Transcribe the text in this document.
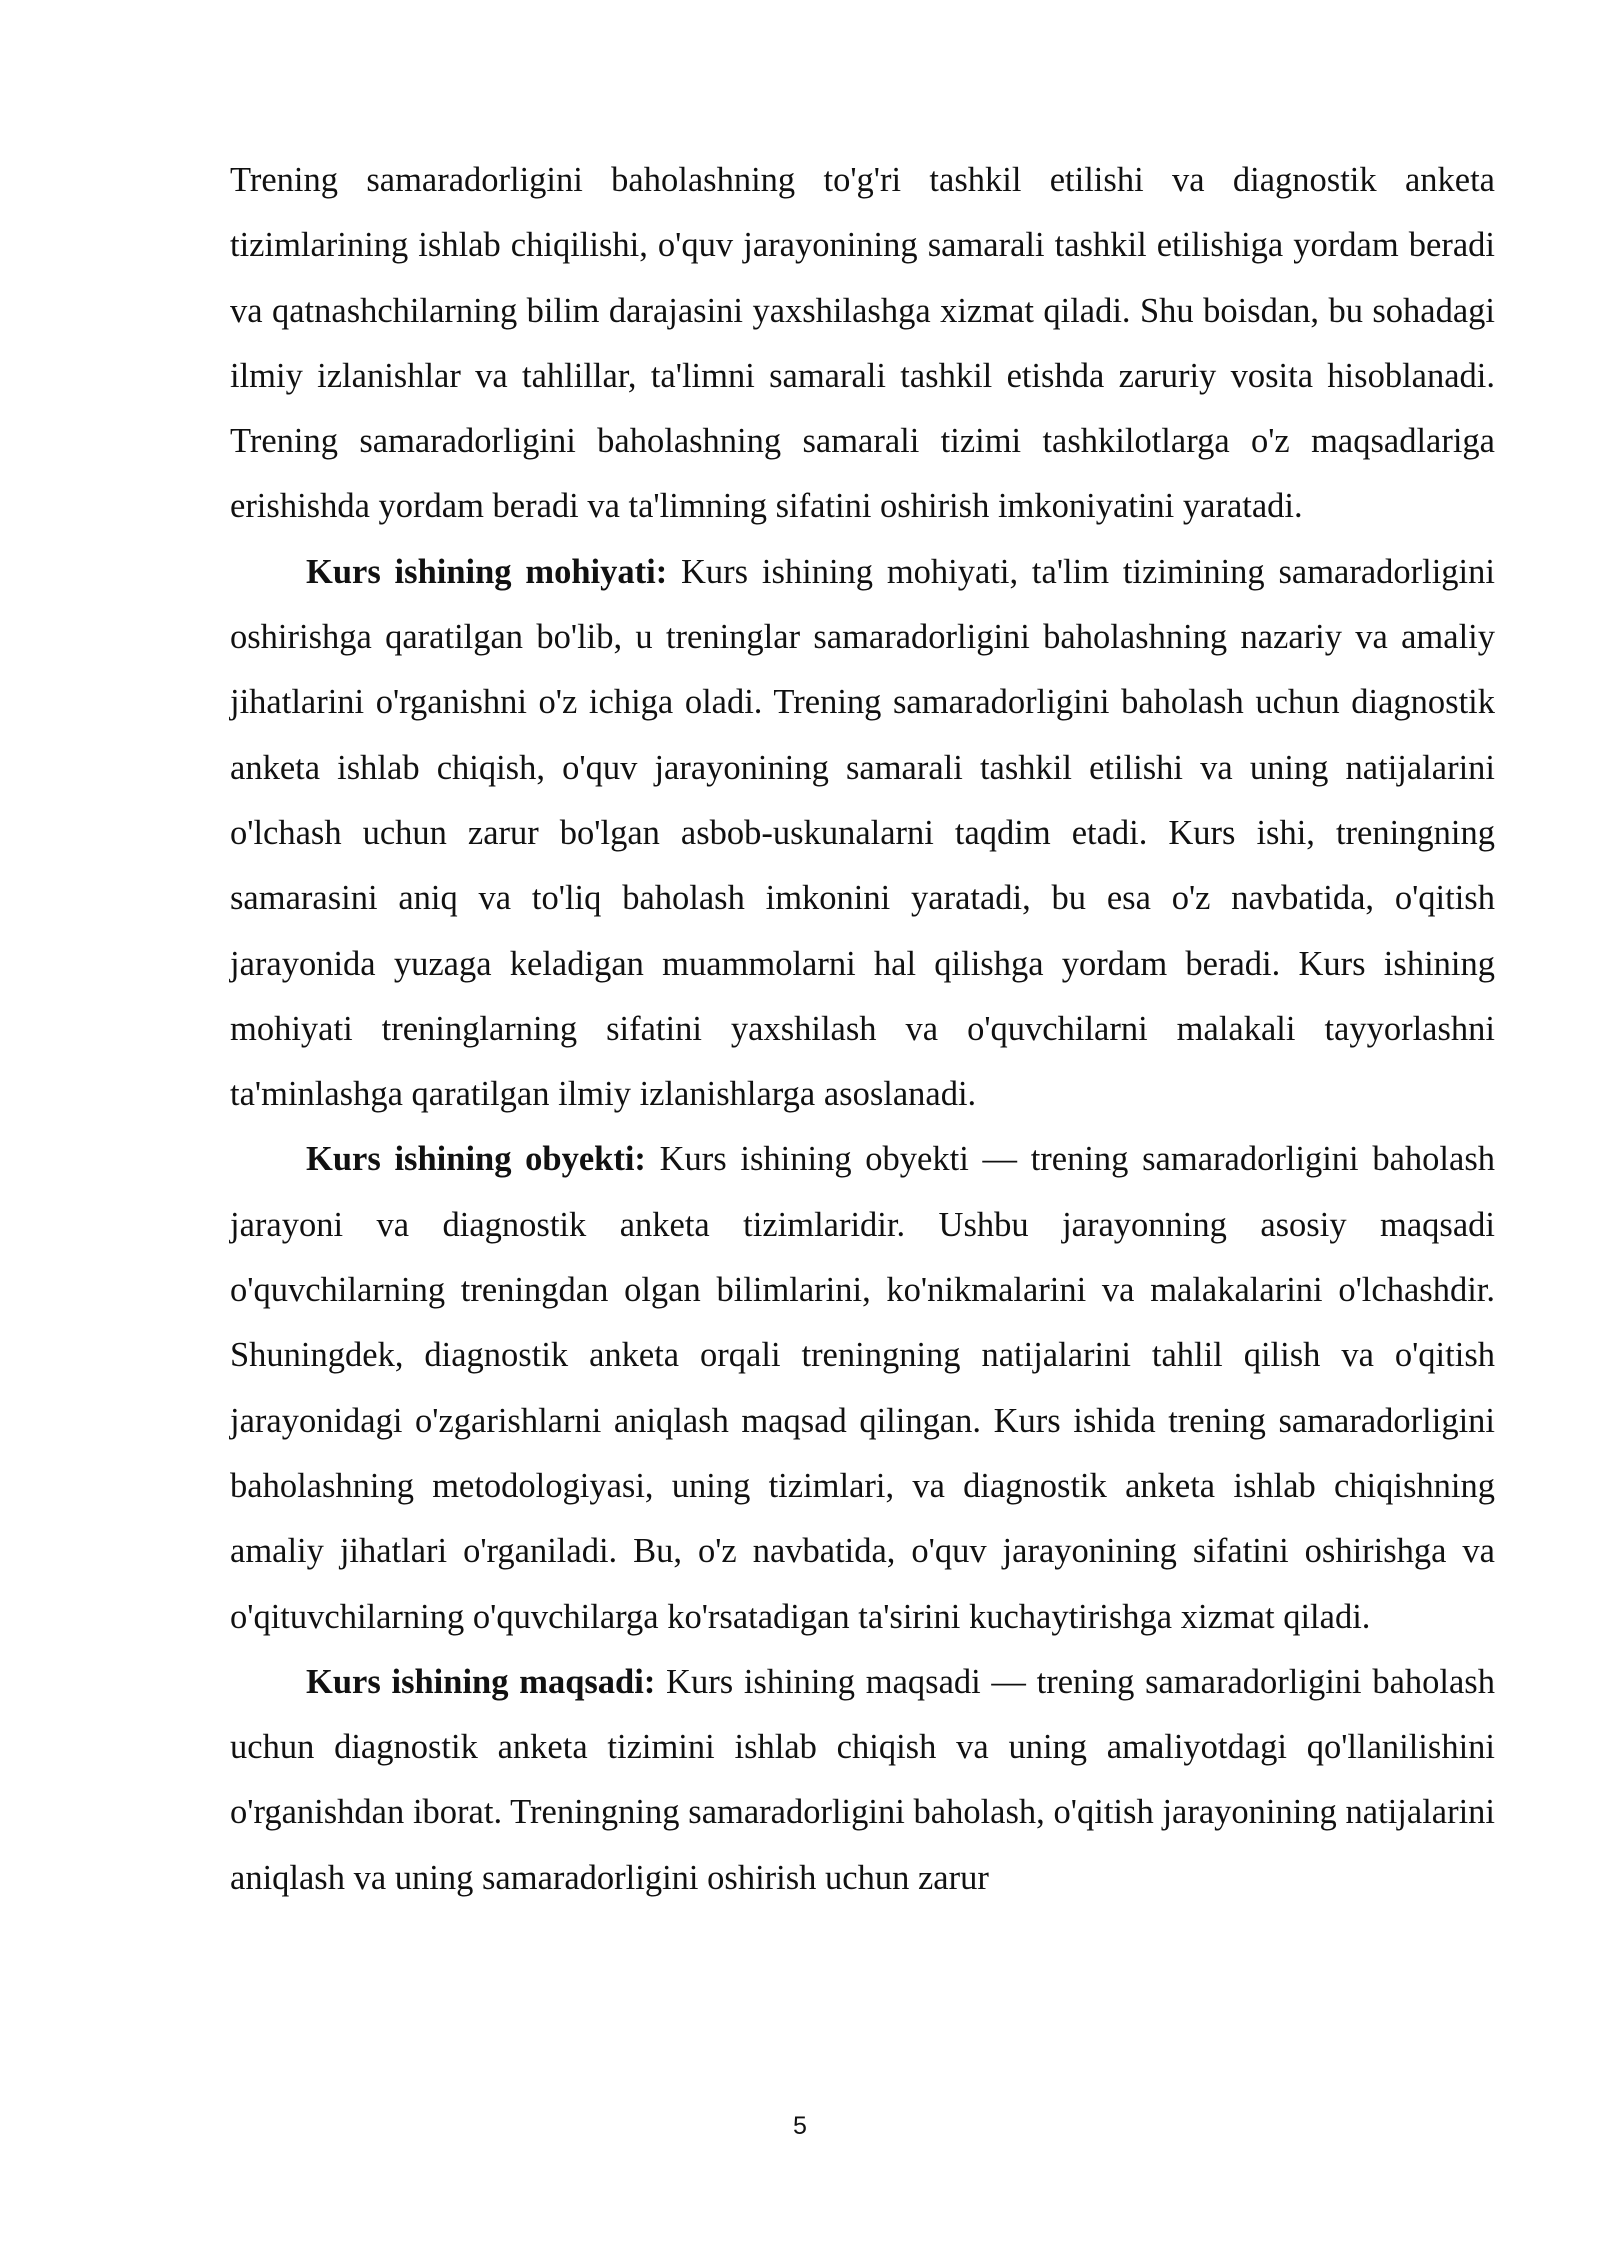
Trening samaradorligini baholashning to'g'ri tashkil etilishi va diagnostik anketa tizimlarining ishlab chiqilishi, o'quv jarayonining samarali tashkil etilishiga yordam beradi va qatnashchilarning bilim darajasini yaxshilashga xizmat qiladi. Shu boisdan, bu sohadagi ilmiy izlanishlar va tahlillar, ta'limni samarali tashkil etishda zaruriy vosita hisoblanadi. Trening samaradorligini baholashning samarali tizimi tashkilotlarga o'z maqsadlariga erishishda yordam beradi va ta'limning sifatini oshirish imkoniyatini yaratadi.

Kurs ishining mohiyati: Kurs ishining mohiyati, ta'lim tizimining samaradorligini oshirishga qaratilgan bo'lib, u treninglar samaradorligini baholashning nazariy va amaliy jihatlarini o'rganishni o'z ichiga oladi. Trening samaradorligini baholash uchun diagnostik anketa ishlab chiqish, o'quv jarayonining samarali tashkil etilishi va uning natijalarini o'lchash uchun zarur bo'lgan asbob-uskunalarni taqdim etadi. Kurs ishi, treningning samarasini aniq va to'liq baholash imkonini yaratadi, bu esa o'z navbatida, o'qitish jarayonida yuzaga keladigan muammolarni hal qilishga yordam beradi. Kurs ishining mohiyati treninglarning sifatini yaxshilash va o'quvchilarni malakali tayyorlashni ta'minlashga qaratilgan ilmiy izlanishlarga asoslanadi.

Kurs ishining obyekti: Kurs ishining obyekti — trening samaradorligini baholash jarayoni va diagnostik anketa tizimlaridir. Ushbu jarayonning asosiy maqsadi o'quvchilarning treningdan olgan bilimlarini, ko'nikmalarini va malakalarini o'lchashdir. Shuningdek, diagnostik anketa orqali treningning natijalarini tahlil qilish va o'qitish jarayonidagi o'zgarishlarni aniqlash maqsad qilingan. Kurs ishida trening samaradorligini baholashning metodologiyasi, uning tizimlari, va diagnostik anketa ishlab chiqishning amaliy jihatlari o'rganiladi. Bu, o'z navbatida, o'quv jarayonining sifatini oshirishga va o'qituvchilarning o'quvchilarga ko'rsatadigan ta'sirini kuchaytirishga xizmat qiladi.

Kurs ishining maqsadi: Kurs ishining maqsadi — trening samaradorligini baholash uchun diagnostik anketa tizimini ishlab chiqish va uning amaliyotdagi qo'llanilishini o'rganishdan iborat. Treningning samaradorligini baholash, o'qitish jarayonining natijalarini aniqlash va uning samaradorligini oshirish uchun zarur

5
